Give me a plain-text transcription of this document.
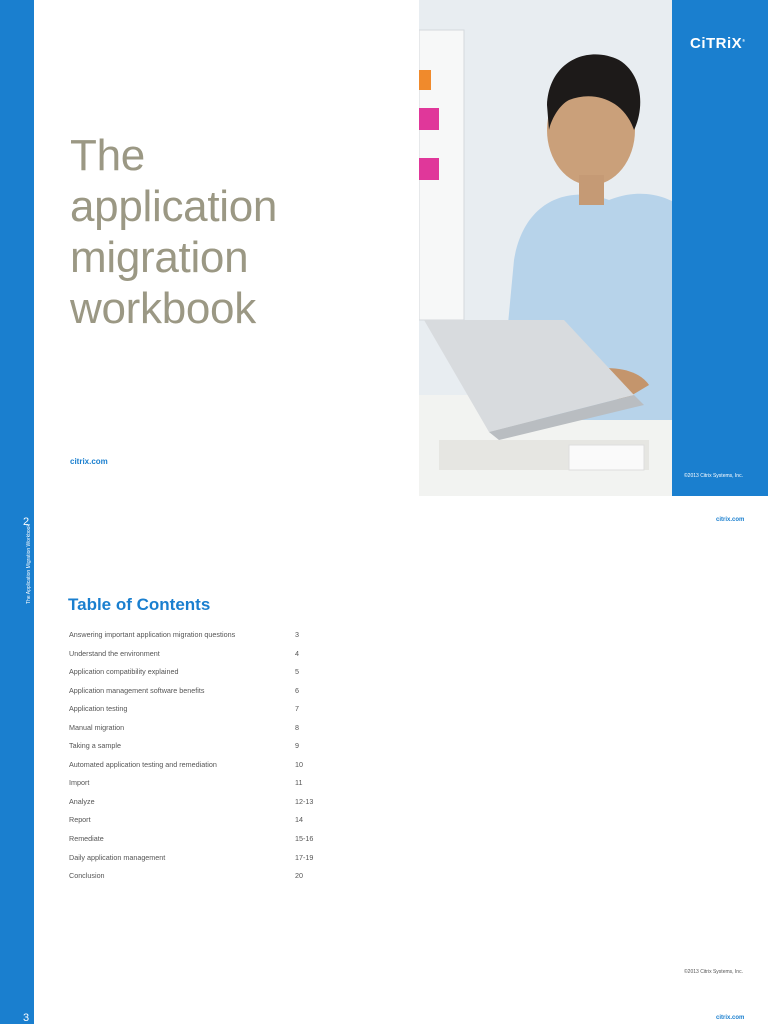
The
application
migration
workbook
citrix.com
CiTRiX®
©2013 Citrix Systems, Inc.
2
The Application Migration Workbook
citrix.com
Table of Contents
Answering important application migration questions	3
Understand the environment	4
Application compatibility explained	5
Application management software benefits	6
Application testing	7
Manual migration	8
Taking a sample	9
Automated application testing and remediation	10
Import	11
Analyze	12-13
Report	14
Remediate	15-16
Daily application management	17-19
Conclusion	20
©2013 Citrix Systems, Inc.
3	citrix.com
